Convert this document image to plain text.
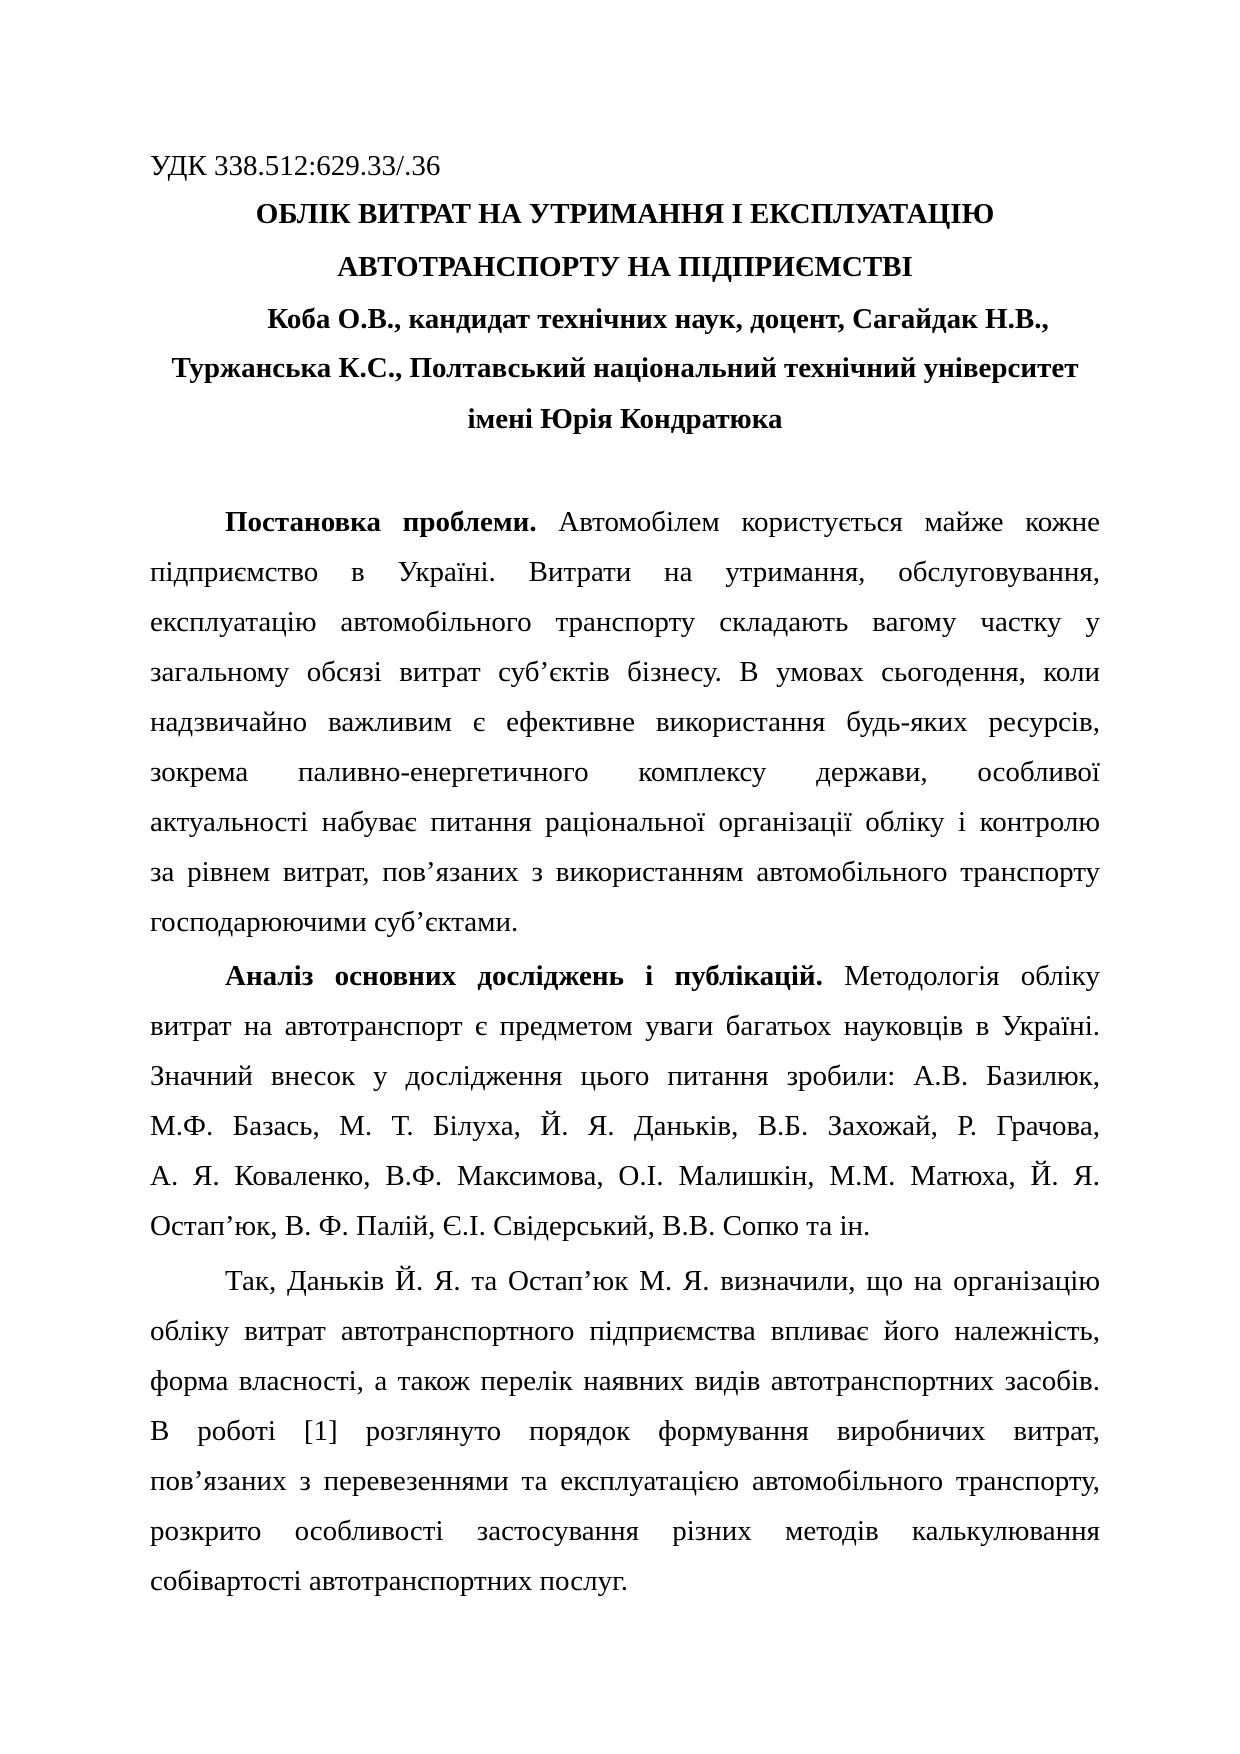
УДК 338.512:629.33/.36
ОБЛІК ВИТРАТ НА УТРИМАННЯ І ЕКСПЛУАТАЦІЮ
АВТОТРАНСПОРТУ НА ПІДПРИЄМСТВІ
Коба О.В., кандидат технічних наук, доцент, Сагайдак Н.В.,
Туржанська К.С., Полтавський національний технічний університет
імені Юрія Кондратюка
Постановка проблеми. Автомобілем користується майже кожне
підприємство в Україні. Витрати на утримання, обслуговування,
експлуатацію автомобільного транспорту складають вагому частку у
загальному обсязі витрат суб’єктів бізнесу. В умовах сьогодення, коли
надзвичайно важливим є ефективне використання будь-яких ресурсів,
зокрема паливно-енергетичного комплексу держави, особливої
актуальності набуває питання раціональної організації обліку і контролю
за рівнем витрат, пов’язаних з використанням автомобільного транспорту
господарюючими суб’єктами.
Аналіз основних досліджень і публікацій. Методологія обліку
витрат на автотранспорт є предметом уваги багатьох науковців в Україні.
Значний внесок у дослідження цього питання зробили: А.В. Базилюк,
М.Ф. Базась, М. Т. Білуха, Й. Я. Даньків, В.Б. Захожай, Р. Грачова,
А. Я. Коваленко, В.Ф. Максимова, О.І. Малишкін, М.М. Матюха, Й. Я.
Остап’юк, В. Ф. Палій, Є.І. Свідерський, В.В. Сопко та ін.
Так, Даньків Й. Я. та Остап’юк М. Я. визначили, що на організацію
обліку витрат автотранспортного підприємства впливає його належність,
форма власності, а також перелік наявних видів автотранспортних засобів.
В роботі [1] розглянуто порядок формування виробничих витрат,
пов’язаних з перевезеннями та експлуатацією автомобільного транспорту,
розкрито особливості застосування різних методів калькулювання
собівартості автотранспортних послуг.
